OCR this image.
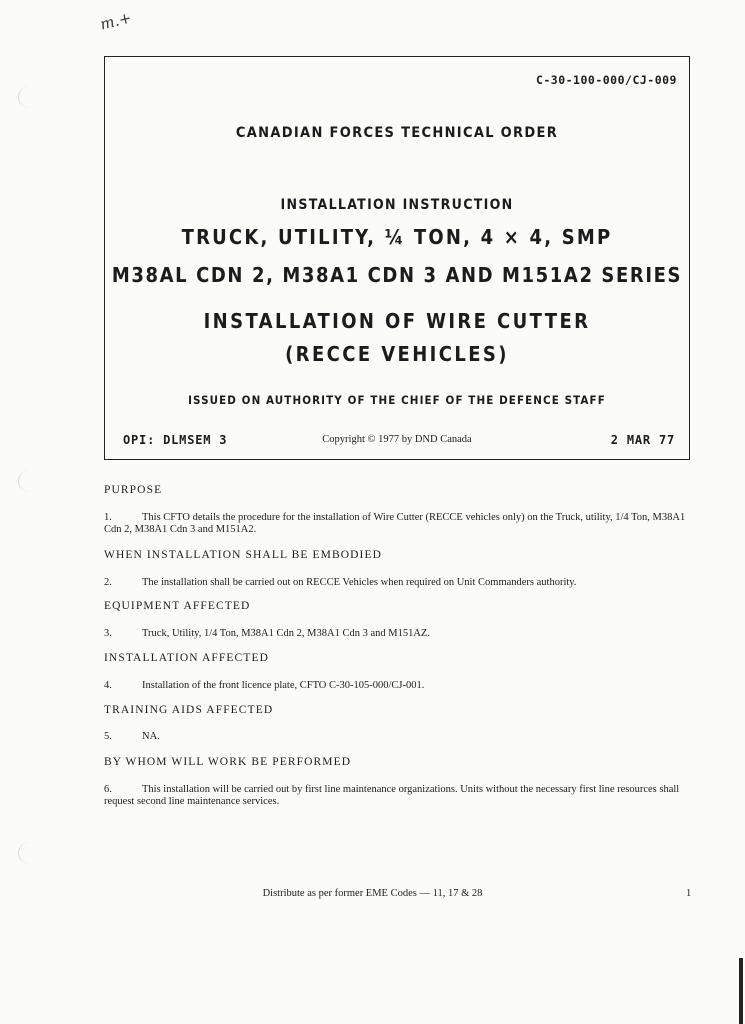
m.+
C-30-100-000/CJ-009
CANADIAN FORCES TECHNICAL ORDER
INSTALLATION INSTRUCTION
TRUCK, UTILITY, ¼ TON, 4 × 4, SMP
M38AL CDN 2, M38A1 CDN 3 AND M151A2 SERIES
INSTALLATION OF WIRE CUTTER
(RECCE VEHICLES)
ISSUED ON AUTHORITY OF THE CHIEF OF THE DEFENCE STAFF
OPI: DLMSEM 3	Copyright © 1977 by DND Canada	2 MAR 77
PURPOSE
1.	This CFTO details the procedure for the installation of Wire Cutter (RECCE vehicles only) on the Truck, utility, 1/4 Ton, M38A1 Cdn 2, M38A1 Cdn 3 and M151A2.
WHEN INSTALLATION SHALL BE EMBODIED
2.	The installation shall be carried out on RECCE Vehicles when required on Unit Commanders authority.
EQUIPMENT AFFECTED
3.	Truck, Utility, 1/4 Ton, M38A1 Cdn 2, M38A1 Cdn 3 and M151AZ.
INSTALLATION AFFECTED
4.	Installation of the front licence plate, CFTO C-30-105-000/CJ-001.
TRAINING AIDS AFFECTED
5.	NA.
BY WHOM WILL WORK BE PERFORMED
6.	This installation will be carried out by first line maintenance organizations. Units without the necessary first line resources shall request second line maintenance services.
Distribute as per former EME Codes — 11, 17 & 28	1
